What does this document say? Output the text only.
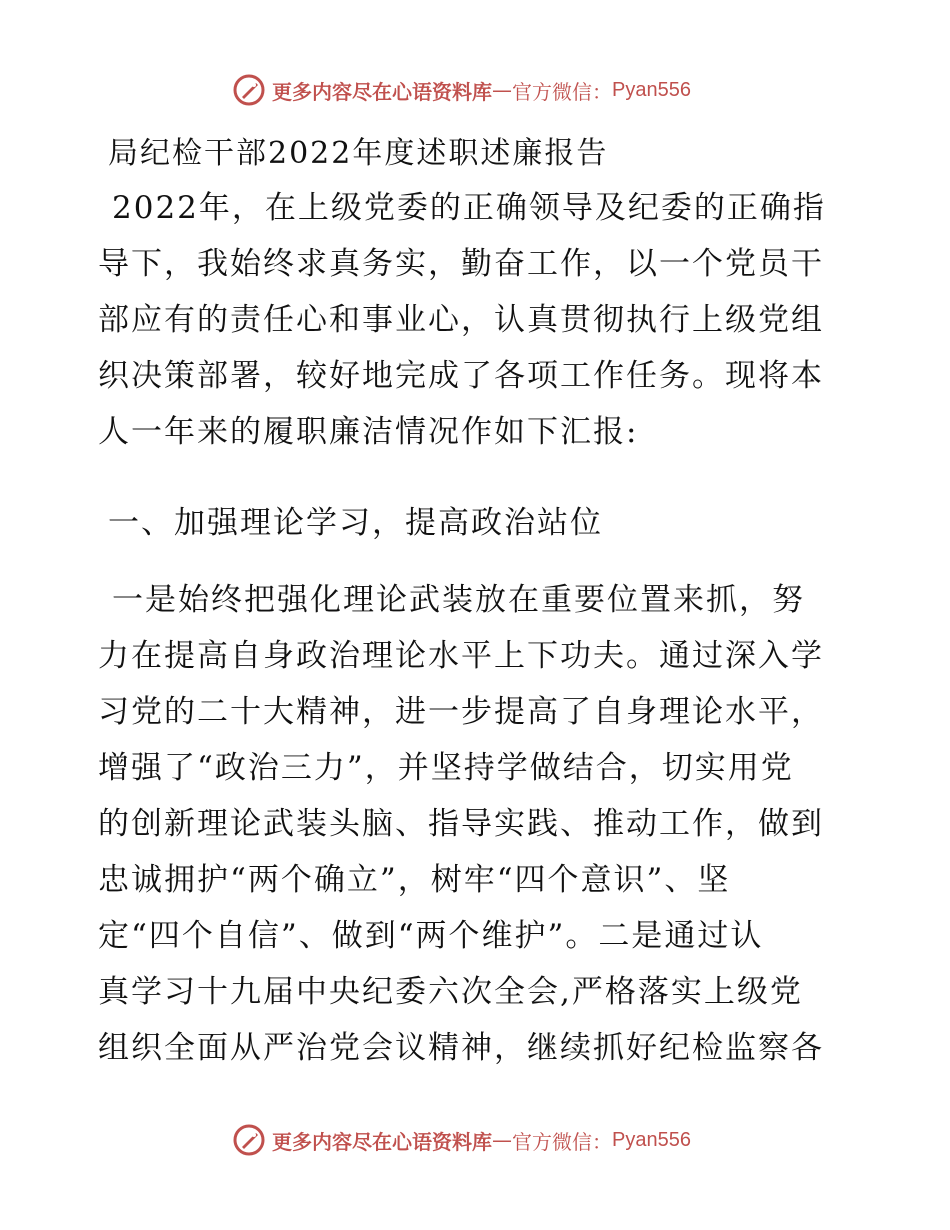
更多内容尽在心语资料库 — 官方微信： Pyan556
局纪检干部2022年度述职述廉报告
2022年，在上级党委的正确领导及纪委的正确指
导下，我始终求真务实，勤奋工作，以一个党员干
部应有的责任心和事业心，认真贯彻执行上级党组
织决策部署，较好地完成了各项工作任务。现将本
人一年来的履职廉洁情况作如下汇报:
一、加强理论学习，提高政治站位
一是始终把强化理论武装放在重要位置来抓，努
力在提高自身政治理论水平上下功夫。通过深入学
习党的二十大精神，进一步提高了自身理论水平，
增强了“政治三力”，并坚持学做结合，切实用党
的创新理论武装头脑、指导实践、推动工作，做到
忠诚拥护“两个确立”，树牢“四个意识”、坚
定“四个自信”、做到“两个维护”。二是通过认
真学习十九届中央纪委六次全会,严格落实上级党
组织全面从严治党会议精神，继续抓好纪检监察各
更多内容尽在心语资料库 — 官方微信： Pyan556
